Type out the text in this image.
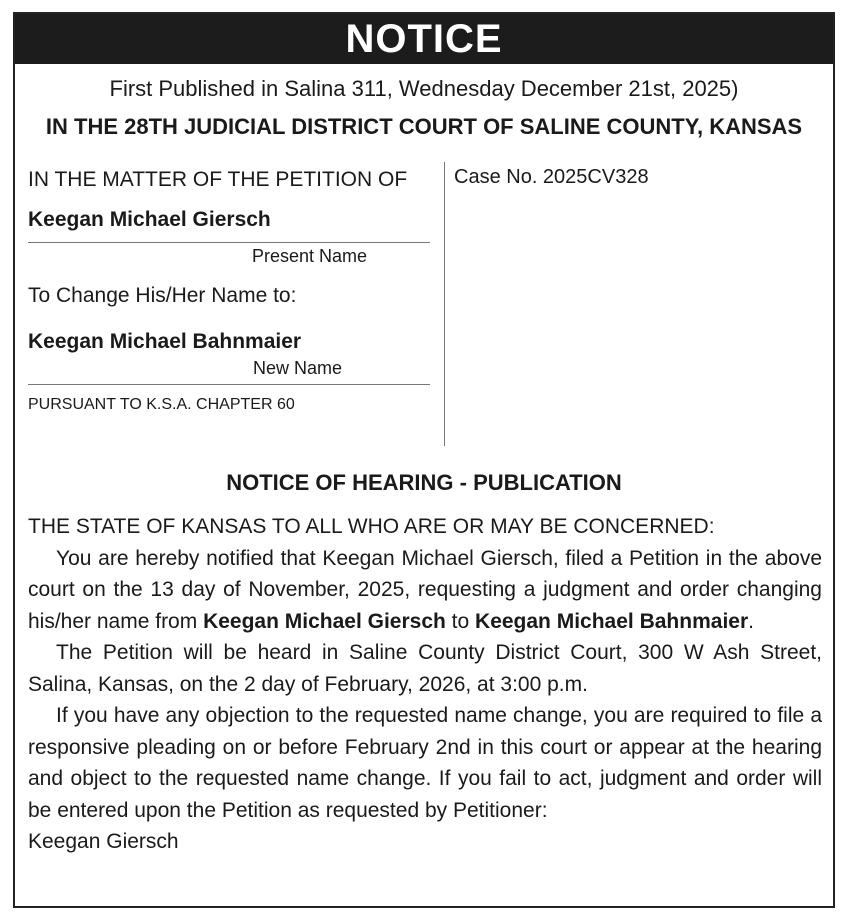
NOTICE
First Published in Salina 311, Wednesday December 21st, 2025)
IN THE 28TH JUDICIAL DISTRICT COURT OF SALINE COUNTY, KANSAS
IN THE MATTER OF THE PETITION OF
Keegan Michael Giersch
Present Name
To Change His/Her Name to:
Keegan Michael Bahnmaier
New Name
PURSUANT TO K.S.A. CHAPTER 60
Case No. 2025CV328
NOTICE OF HEARING - PUBLICATION

THE STATE OF KANSAS TO ALL WHO ARE OR MAY BE CONCERNED:

You are hereby notified that Keegan Michael Giersch, filed a Petition in the above court on the 13 day of November, 2025, requesting a judgment and order changing his/her name from Keegan Michael Giersch to Keegan Michael Bahnmaier.

The Petition will be heard in Saline County District Court, 300 W Ash Street, Salina, Kansas, on the 2 day of February, 2026, at 3:00 p.m.

If you have any objection to the requested name change, you are required to file a responsive pleading on or before February 2nd in this court or appear at the hearing and object to the requested name change. If you fail to act, judgment and order will be entered upon the Petition as requested by Petitioner:

Keegan Giersch
